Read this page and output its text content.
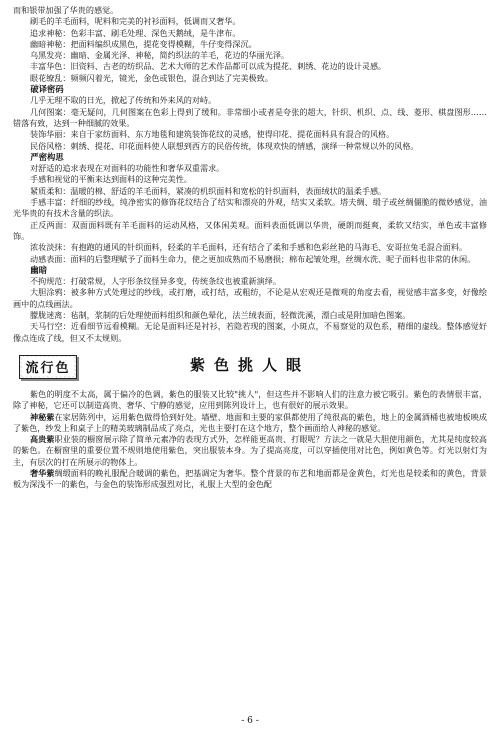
而和银带加强了华贵的感觉。

刷毛的羊毛面料，呢料和完美的衬衫面料，低调而又奢华。

追求神秘：色彩丰富、刷毛处理、深色天鹅绒，是牛津布。

幽暗神秘：把面料编织成黑色，提花变得模糊，牛仔变得深沉。

乌黑发亮：幽暗、金属光泽、神秘，简约织法的羊毛，花边的华丽光泽。

丰富华色：旧资料、古老的纺织品、艺术大师的艺术作品都可以成为提花、刺绣、花边的设计灵感。

眼花缭乱：频频闪着光，镜光，金色或银色，混合到达了完美极致。

破译密码

几乎无理不取的日光，掀起了传统和外来风的对峙。

几何图案：毫无疑问，几何图案在色彩上得到了缓和。非常细小或者是夸张的超大，针织、机织、点、线、菱形、棋盘图形……错落有致，达到一种细腻的效果。

装饰华丽：来自于家纺面料、东方地毯和建筑装饰花纹的灵感，使得印花、提花面料具有混合的风格。

民俗风格：刺绣、提花、印花面料使人联想到西方的民俗传统，体现欢快的情感，演绎一种常规以外的风格。

严密构思

对舒适的追求表现在对面料的功能性和奢华双重需求。

手感和视觉的平衡来达到面料的这种完美性。

紧质柔和：温暖的棉、舒适的羊毛面料，紧凑的机织面料和宽松的针织面料，表面绒状的温柔手感。

手感丰富：纤细的纱线，纯净密实的修饰花纹结合了结实和漂亮的外观，结实又柔软。塔夫绸、缎子或丝绸僵脆的微妙感觉，油光华贵的有技术含量的织法。

正反两面：双面面料既有羊毛面料的运动风格，又体闲美观。面料表面低调以华贵，硬朗而挺爽，柔软又结实，单色或丰富修饰。

浓妆淡抹：有抱跑的通风的针织面料，轻柔的羊毛面料，还有结合了柔和手感和色彩丝艳的马海毛、安哥拉兔毛混合面料。

动感表面：面料的后整理赋予了面料生命力，使之更加成熟而不易磨损；棉布起皱处理，丝绸水洗、呢子面料也非常的休闲。

幽暗

不拘规范：打破常规，人字形条纹怪异多变，传统条纹也被重新演绎。

大胆涂鸦：被多种方式处理过的纱线，或打磨，或打结，或粗纺，不论是从宏观还是微观的角度去看，视觉感丰富多变，好像绘画中的点线画法。

朦胧迷离：毡制，浆制的后处理使面料组织和颜色晕化，法兰绒表面，轻微洗溪，漂白或是附加暗色图案。

天马行空：近看细节远看模糊。无论是面料还是衬衫，若隐若现的图案，小斑点，不易察觉的双色系，精细的虚线。整体感觉好像点连成了线，但又不太规则。

流行色	紫色挑人眼

紫色的明度不太高，属于偏冷的色调，紫色的服装又比较"挑人"，但这些并不影响人们的注意力被它吸引。紫色的表情很丰富，除了神秘，它还可以制造高贵、奢华、宁静的感觉，应用到陈列设计上，也有很好的展示效果。

神秘紫在家居陈列中，运用紫色做得恰到好处。墙壁、地面和主要的家俱都使用了纯很高的紫色，地上的金属酒桶也被地板映成了紫色，纱发上和桌子上的精美玻璃制品成了亮点，光也主要打在这个地方，整个画面给人神秘的感觉。

高贵紫职业装的橱窗展示除了简单元素净的表现方式外，怎样能更高贵、打眼呢？方法之一就是大胆使用颜色，尤其是纯度较高的紫色。在橱窗里的重要位置不规则地使用紫色，突出服装本身。为了提高亮度，可以穿插使用对比色，例如黄色等。灯光以射灯为主，有层次的打在所展示的物体上。

奢华紫绸缎面料的晚礼服配合暖调的紫色，把基调定为奢华。整个背景的布艺和地面都是金黄色，灯光也是较柔和的黄色，背景板为深浅不一的紫色，与金色的装饰形成强烈对比，礼服上大型的金色配

- 6 -
